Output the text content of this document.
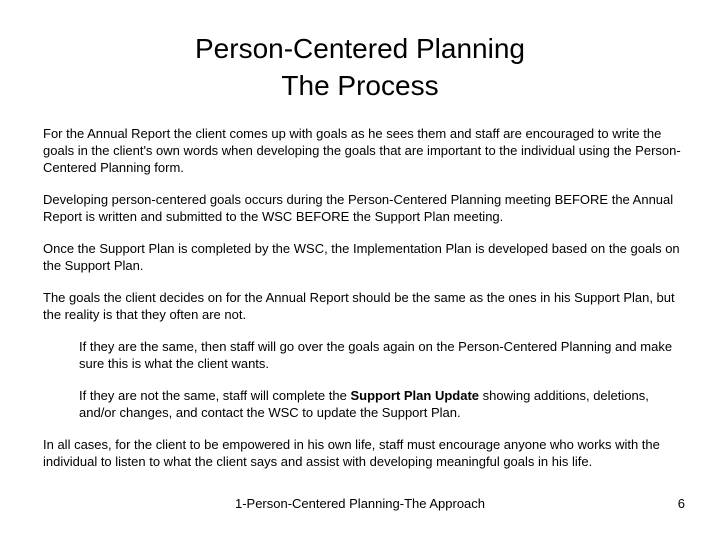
Person-Centered Planning
The Process

For the Annual Report the client comes up with goals as he sees them and staff are encouraged to write the goals in the client's own words when developing the goals that are important to the individual using the Person-Centered Planning form.

Developing person-centered goals occurs during the Person-Centered Planning meeting BEFORE the Annual Report is written and submitted to the WSC BEFORE the Support Plan meeting.

Once the Support Plan is completed by the WSC, the Implementation Plan is developed based on the goals on the Support Plan.

The goals the client decides on for the Annual Report should be the same as the ones in his Support Plan, but the reality is that they often are not.

If they are the same, then staff will go over the goals again on the Person-Centered Planning and make sure this is what the client wants.

If they are not the same, staff will complete the Support Plan Update showing additions, deletions, and/or changes, and contact the WSC to update the Support Plan.

In all cases, for the client to be empowered in his own life, staff must encourage anyone who works with the individual to listen to what the client says and assist with developing meaningful goals in his life.

1-Person-Centered Planning-The Approach	6
